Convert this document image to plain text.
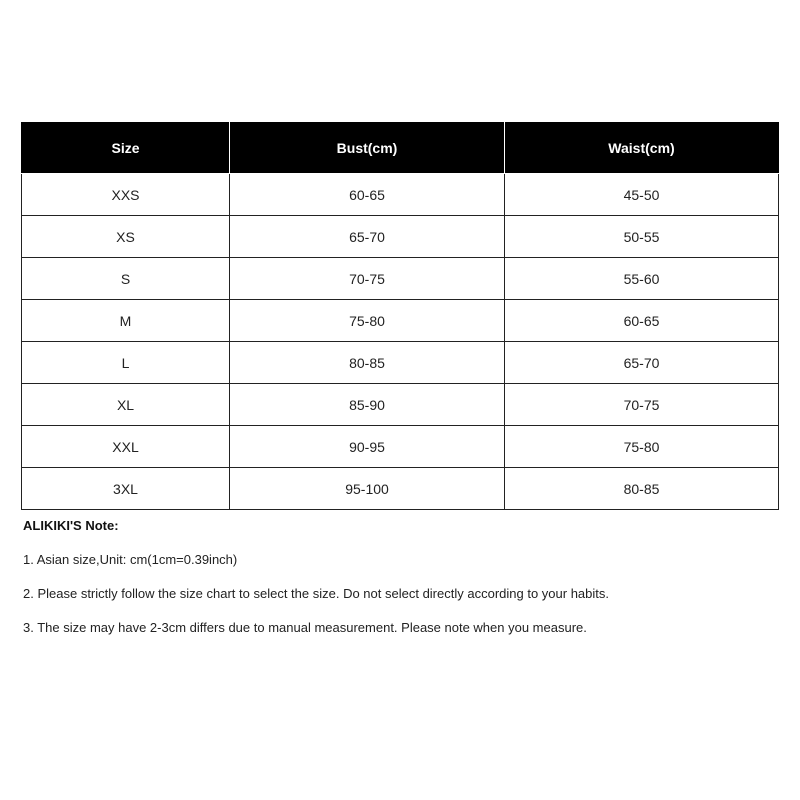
Size	Bust(cm)	Waist(cm)
XXS	60-65	45-50
XS	65-70	50-55
S	70-75	55-60
M	75-80	60-65
L	80-85	65-70
XL	85-90	70-75
XXL	90-95	75-80
3XL	95-100	80-85
ALIKIKI'S Note:
1. Asian size,Unit: cm(1cm=0.39inch)
2. Please strictly follow the size chart to select the size. Do not select directly according to your habits.
3. The size may have 2-3cm differs due to manual measurement. Please note when you measure.
